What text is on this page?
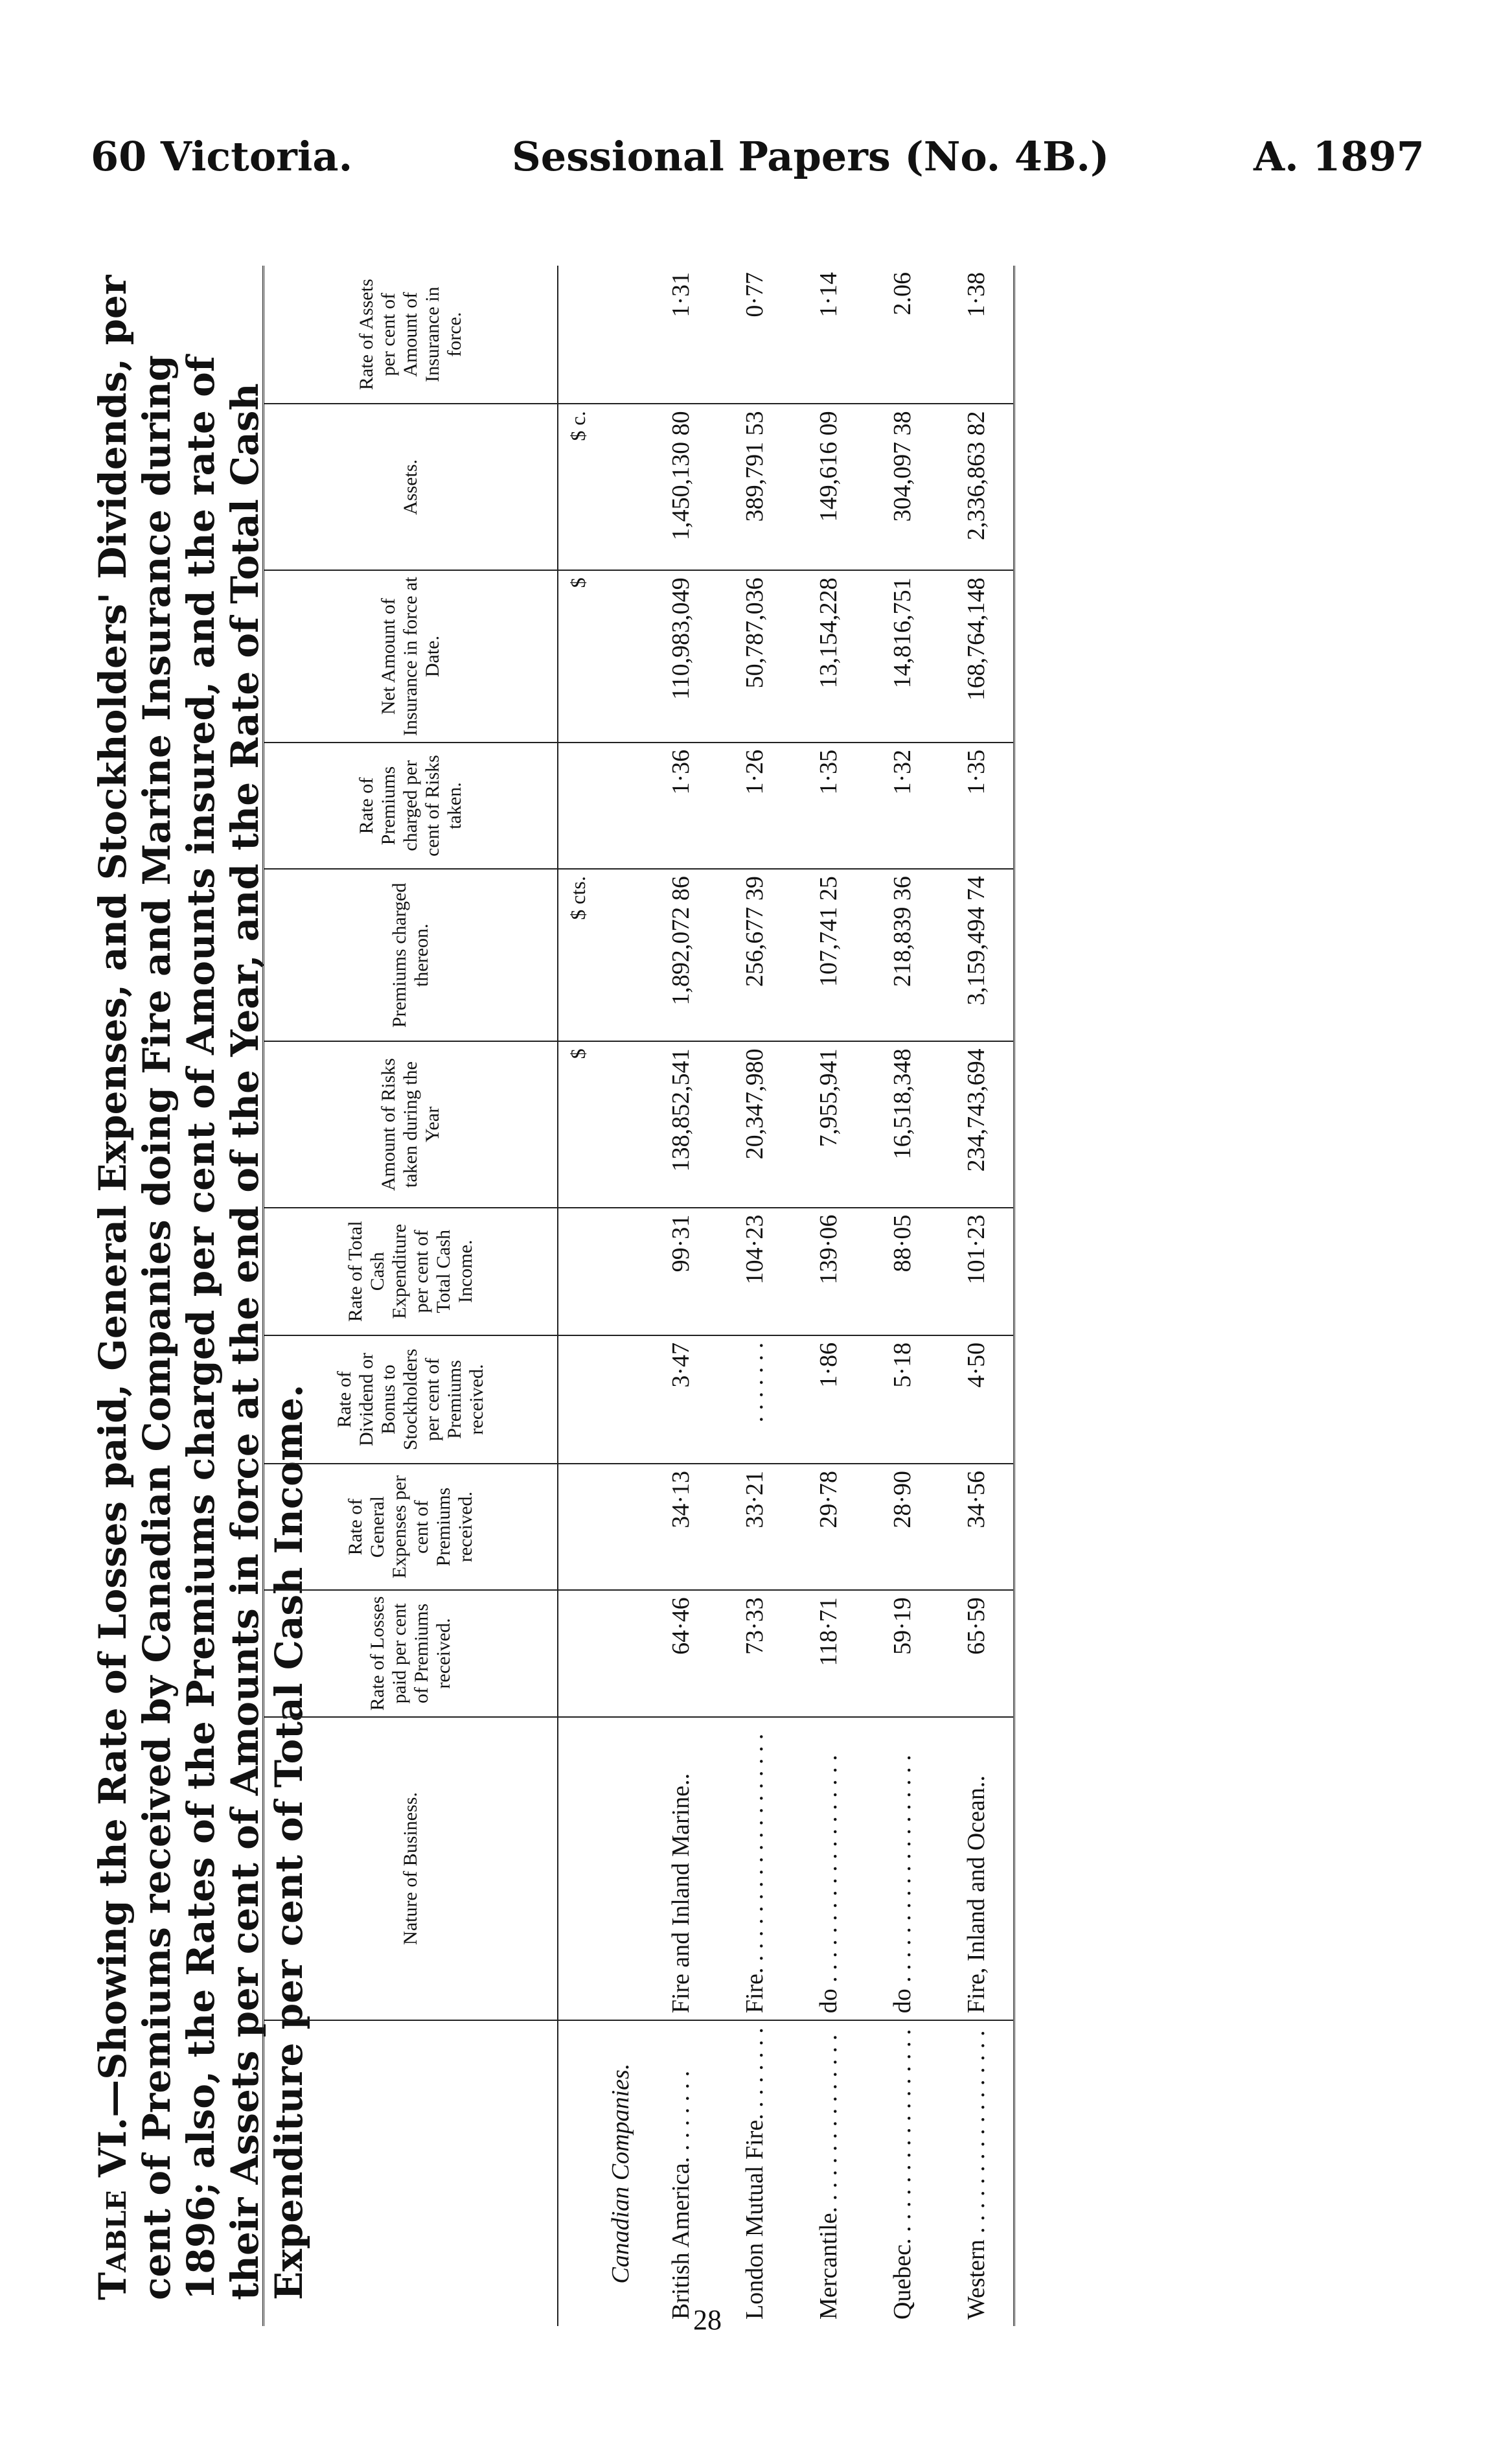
60 Victoria.	Sessional Papers (No. 4B.)	A. 1897
Table VI.—Showing the Rate of Losses paid, General Expenses, and Stockholders' Dividends, per cent of Premiums received by Canadian Companies doing Fire and Marine Insurance during 1896; also, the Rates of the Premiums charged per cent of Amounts insured, and the rate of their Assets per cent of Amounts in force at the end of the Year, and the Rate of Total Cash Expenditure per cent of Total Cash Income.
		Nature of Business.	Rate of Losses paid per cent of Premiums received.	Rate of General Expenses per cent of Premiums received.	Rate of Dividend or Bonus to Stockholders per cent of Premiums received.	Rate of Total Cash Expenditure per cent of Total Cash Income.	Amount of Risks taken during the Year	Premiums charged thereon.	Rate of Premiums charged per cent of Risks taken.	Net Amount of Insurance in force at Date.	Assets.	Rate of Assets per cent of Amount of Insurance in force.
						$	$ cts.		$	$ c.	
Canadian Companies.											
British America. . . . . . . .	Fire and Inland Marine..	64·46	34·13	3·47	99·31	138,852,541	1,892,072 86	1·36	110,983,049	1,450,130 80	1·31
London Mutual Fire. . . . . . . .	Fire. . . . . . . . . . . . . . . . . . . .	73·33	33·21	. . . . . . .	104·23	20,347,980	256,677 39	1·26	50,787,036	389,791 53	0·77
Mercantile. . . . . . . . . . . . . . .	do . . . . . . . . . . . . . . . . . . .	118·71	29·78	1·86	139·06	7,955,941	107,741 25	1·35	13,154,228	149,616 09	1·14
Quebec. . . . . . . . . . . . . . . . . .	do . . . . . . . . . . . . . . . . . . .	59·19	28·90	5·18	88·05	16,518,348	218,839 36	1·32	14,816,751	304,097 38	2.06
Western . . . . . . . . . . . . . . . . .	Fire, Inland and Ocean..	65·59	34·56	4·50	101·23	234,743,694	3,159,494 74	1·35	168,764,148	2,336,863 82	1·38
28
